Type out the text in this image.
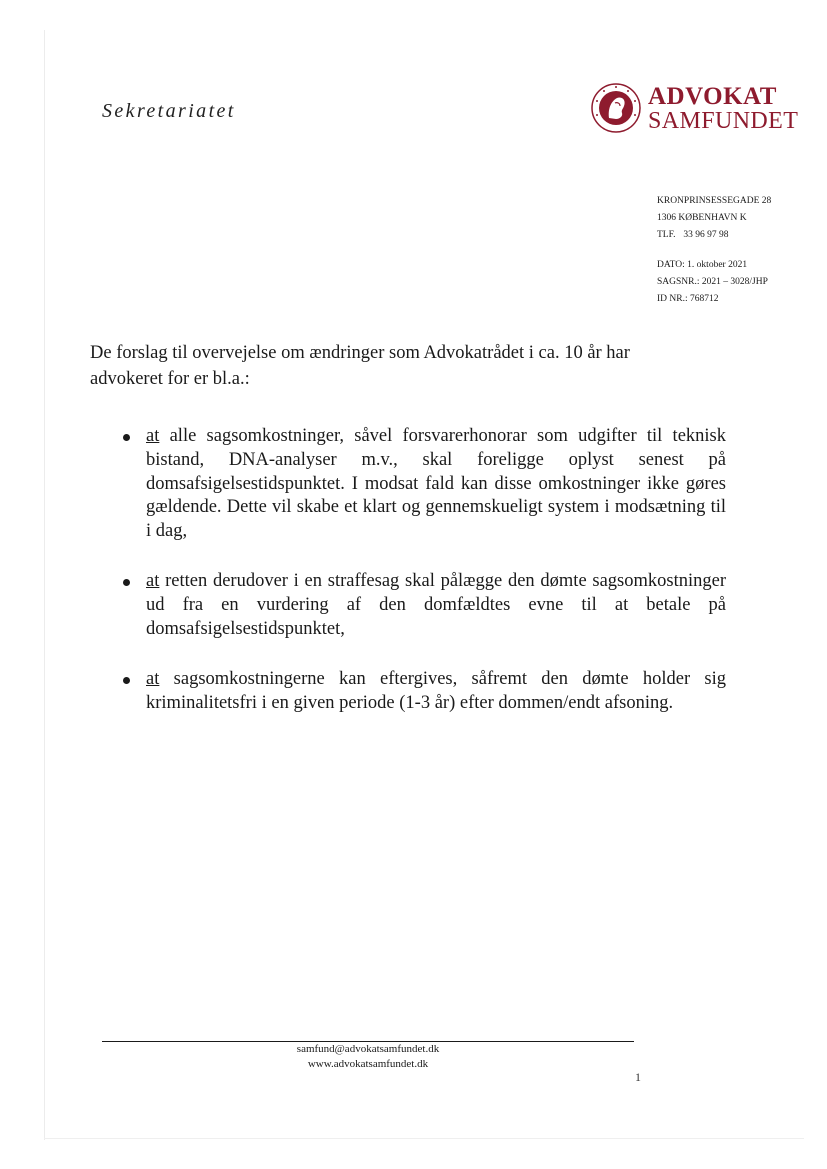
Sekretariatet
ADVOKAT
SAMFUNDET
KRONPRINSESSEGADE 28
1306 KØBENHAVN K
TLF. 33 96 97 98
DATO: 1. oktober 2021
SAGSNR.: 2021 – 3028/JHP
ID NR.: 768712
De forslag til overvejelse om ændringer som Advokatrådet i ca. 10 år har advokeret for er bl.a.:
at alle sagsomkostninger, såvel forsvarerhonorar som udgifter til teknisk bistand, DNA-analyser m.v., skal foreligge oplyst senest på domsafsigelsestidspunktet. I modsat fald kan disse omkostninger ikke gøres gældende. Dette vil skabe et klart og gennemskueligt system i modsætning til i dag,
at retten derudover i en straffesag skal pålægge den dømte sagsomkostninger ud fra en vurdering af den domfældtes evne til at betale på domsafsigelsestidspunktet,
at sagsomkostningerne kan eftergives, såfremt den dømte holder sig kriminalitetsfri i en given periode (1-3 år) efter dommen/endt afsoning.
samfund@advokatsamfundet.dk
www.advokatsamfundet.dk
1
